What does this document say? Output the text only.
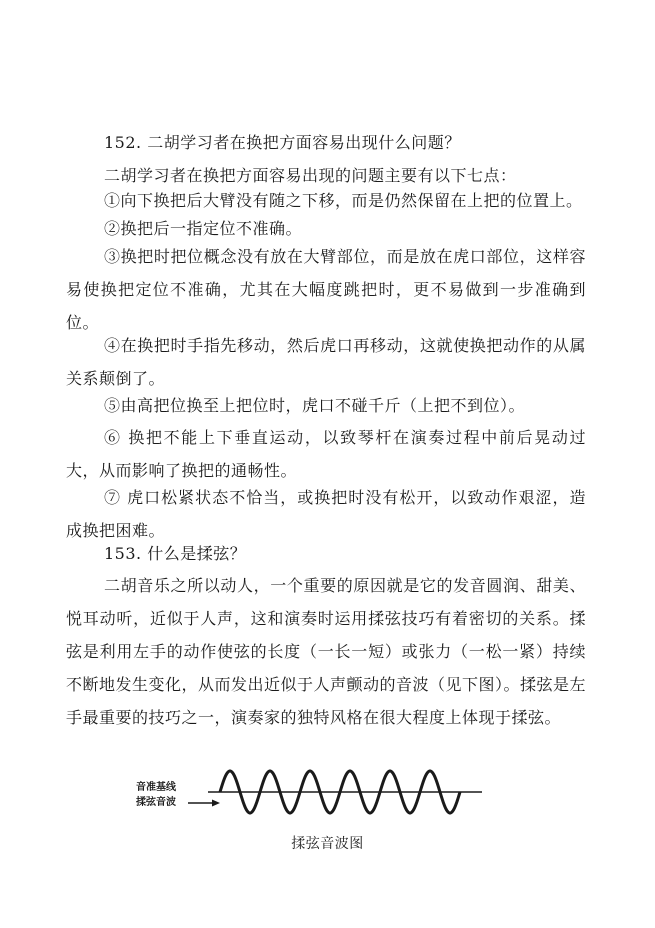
152. 二胡学习者在换把方面容易出现什么问题？

二胡学习者在换把方面容易出现的问题主要有以下七点：

①向下换把后大臂没有随之下移，而是仍然保留在上把的位置上。

②换把后一指定位不准确。

③换把时把位概念没有放在大臂部位，而是放在虎口部位，这样容易使换把定位不准确，尤其在大幅度跳把时，更不易做到一步准确到位。

④在换把时手指先移动，然后虎口再移动，这就使换把动作的从属关系颠倒了。

⑤由高把位换至上把位时，虎口不碰千斤（上把不到位）。

⑥ 换把不能上下垂直运动，以致琴杆在演奏过程中前后晃动过大，从而影响了换把的通畅性。

⑦ 虎口松紧状态不恰当，或换把时没有松开，以致动作艰涩，造成换把困难。

153. 什么是揉弦？

二胡音乐之所以动人，一个重要的原因就是它的发音圆润、甜美、悦耳动听，近似于人声，这和演奏时运用揉弦技巧有着密切的关系。揉弦是利用左手的动作使弦的长度（一长一短）或张力（一松一紧）持续不断地发生变化，从而发出近似于人声颤动的音波（见下图）。揉弦是左手最重要的技巧之一，演奏家的独特风格在很大程度上体现于揉弦。

音准基线
揉弦音波
揉弦音波图
